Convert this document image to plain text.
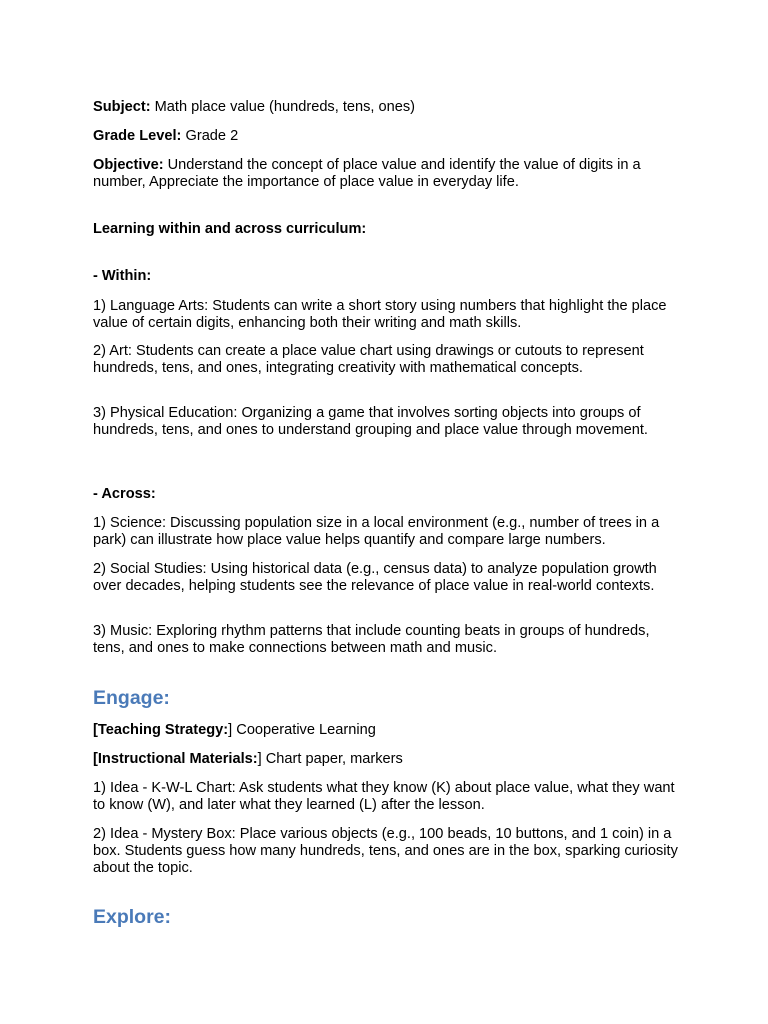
Subject: Math place value (hundreds, tens, ones)

Grade Level: Grade 2

Objective: Understand the concept of place value and identify the value of digits in a number, Appreciate the importance of place value in everyday life.

Learning within and across curriculum:

- Within:

1) Language Arts: Students can write a short story using numbers that highlight the place value of certain digits, enhancing both their writing and math skills.

2) Art: Students can create a place value chart using drawings or cutouts to represent hundreds, tens, and ones, integrating creativity with mathematical concepts.

3) Physical Education: Organizing a game that involves sorting objects into groups of hundreds, tens, and ones to understand grouping and place value through movement.

- Across:

1) Science: Discussing population size in a local environment (e.g., number of trees in a park) can illustrate how place value helps quantify and compare large numbers.

2) Social Studies: Using historical data (e.g., census data) to analyze population growth over decades, helping students see the relevance of place value in real-world contexts.

3) Music: Exploring rhythm patterns that include counting beats in groups of hundreds, tens, and ones to make connections between math and music.

Engage:

[Teaching Strategy:] Cooperative Learning

[Instructional Materials:] Chart paper, markers

1) Idea - K-W-L Chart: Ask students what they know (K) about place value, what they want to know (W), and later what they learned (L) after the lesson.

2) Idea - Mystery Box: Place various objects (e.g., 100 beads, 10 buttons, and 1 coin) in a box. Students guess how many hundreds, tens, and ones are in the box, sparking curiosity about the topic.

Explore:
